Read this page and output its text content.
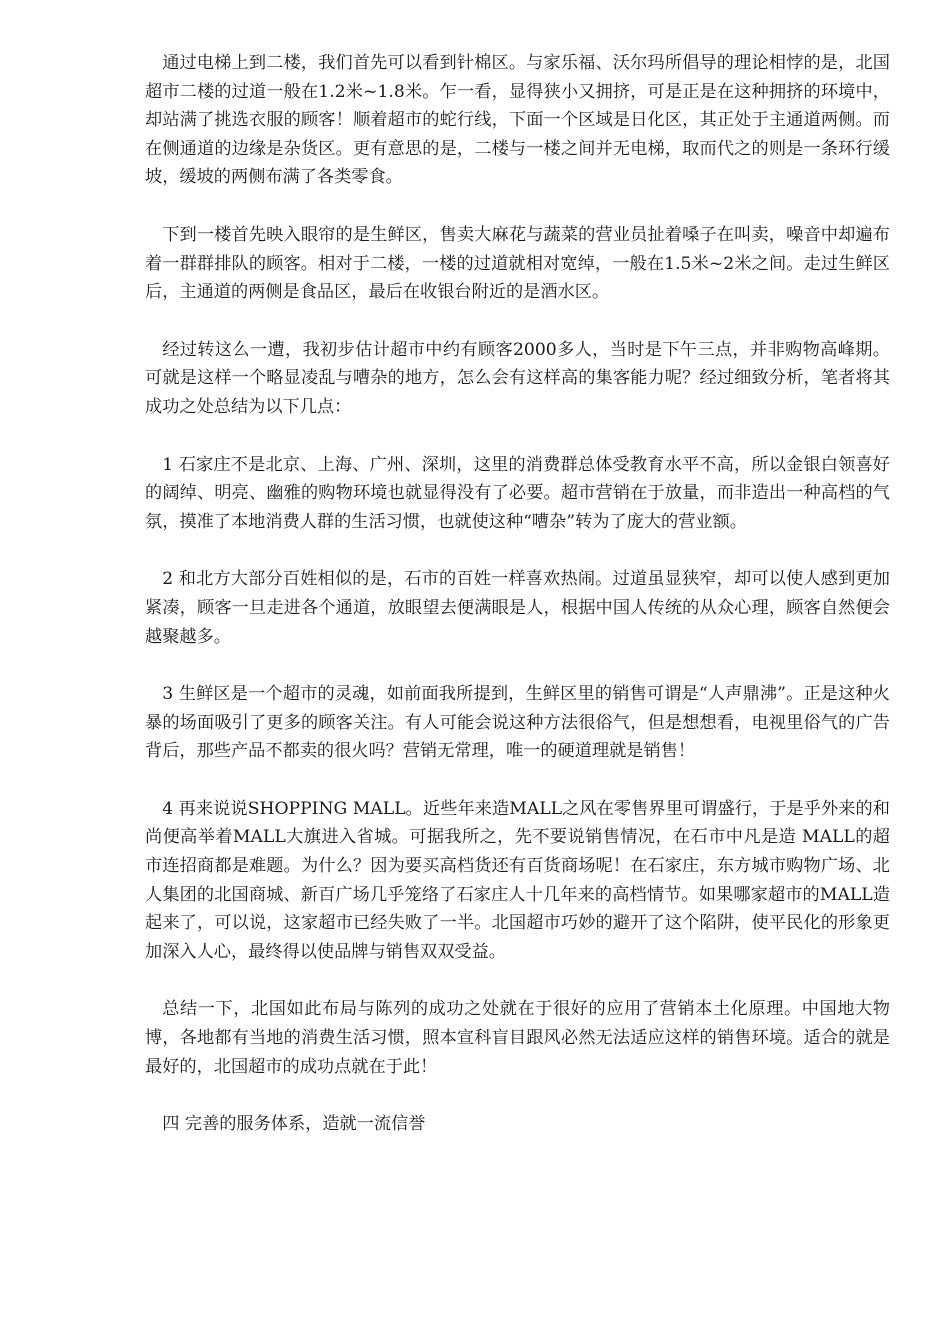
通过电梯上到二楼，我们首先可以看到针棉区。与家乐福、沃尔玛所倡导的理论相悖的是，北国超市二楼的过道一般在1.2米~1.8米。乍一看，显得狭小又拥挤，可是正是在这种拥挤的环境中，却站满了挑选衣服的顾客！顺着超市的蛇行线，下面一个区域是日化区，其正处于主通道两侧。而在侧通道的边缘是杂货区。更有意思的是，二楼与一楼之间并无电梯，取而代之的则是一条环行缓坡，缓坡的两侧布满了各类零食。

下到一楼首先映入眼帘的是生鲜区，售卖大麻花与蔬菜的营业员扯着嗓子在叫卖，噪音中却遍布着一群群排队的顾客。相对于二楼，一楼的过道就相对宽绰，一般在1.5米~2米之间。走过生鲜区后，主通道的两侧是食品区，最后在收银台附近的是酒水区。

经过转这么一遭，我初步估计超市中约有顾客2000多人，当时是下午三点，并非购物高峰期。可就是这样一个略显凌乱与嘈杂的地方，怎么会有这样高的集客能力呢？经过细致分析，笔者将其成功之处总结为以下几点：

1 石家庄不是北京、上海、广州、深圳，这里的消费群总体受教育水平不高，所以金银白领喜好的阔绰、明亮、幽雅的购物环境也就显得没有了必要。超市营销在于放量，而非造出一种高档的气氛，摸准了本地消费人群的生活习惯，也就使这种“嘈杂”转为了庞大的营业额。

2 和北方大部分百姓相似的是，石市的百姓一样喜欢热闹。过道虽显狭窄，却可以使人感到更加紧凑，顾客一旦走进各个通道，放眼望去便满眼是人，根据中国人传统的从众心理，顾客自然便会越聚越多。

3 生鲜区是一个超市的灵魂，如前面我所提到，生鲜区里的销售可谓是“人声鼎沸”。正是这种火暴的场面吸引了更多的顾客关注。有人可能会说这种方法很俗气，但是想想看，电视里俗气的广告背后，那些产品不都卖的很火吗？营销无常理，唯一的硬道理就是销售！

4 再来说说SHOPPING MALL。近些年来造MALL之风在零售界里可谓盛行，于是乎外来的和尚便高举着MALL大旗进入省城。可据我所之，先不要说销售情况，在石市中凡是造 MALL的超市连招商都是难题。为什么？因为要买高档货还有百货商场呢！在石家庄，东方城市购物广场、北人集团的北国商城、新百广场几乎笼络了石家庄人十几年来的高档情节。如果哪家超市的MALL造起来了，可以说，这家超市已经失败了一半。北国超市巧妙的避开了这个陷阱，使平民化的形象更加深入人心，最终得以使品牌与销售双双受益。

总结一下，北国如此布局与陈列的成功之处就在于很好的应用了营销本土化原理。中国地大物博，各地都有当地的消费生活习惯，照本宣科盲目跟风必然无法适应这样的销售环境。适合的就是最好的，北国超市的成功点就在于此！

四 完善的服务体系，造就一流信誉
